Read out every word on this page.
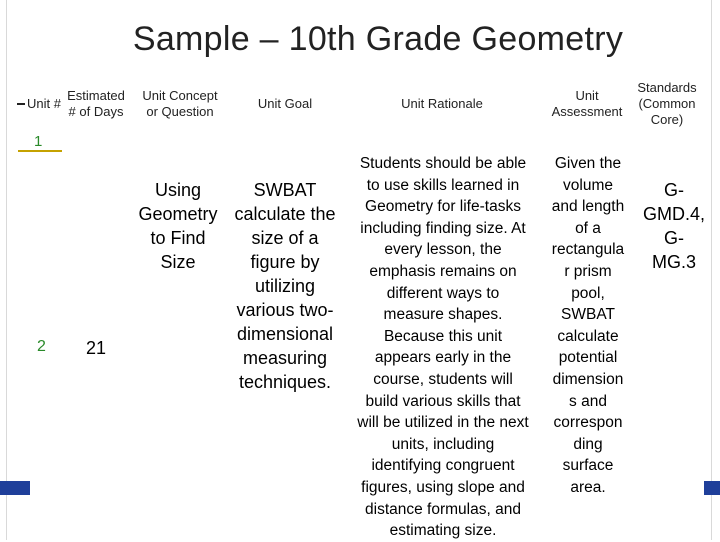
Sample – 10th Grade Geometry
Unit #
Estimated
# of Days
Unit Concept
or Question
Unit Goal	Unit Rationale
Unit
Assessment
Standards
(Common
Core)
1
2 21
Using
Geometry
to Find
Size
SWBAT
calculate the
size of a
figure by
utilizing
various two-
dimensional
measuring
techniques.
Students should be able
to use skills learned in
Geometry for life-tasks
including finding size. At
every lesson, the
emphasis remains on
different ways to
measure shapes.
Because this unit
appears early in the
course, students will
build various skills that
will be utilized in the next
units, including
identifying congruent
figures, using slope and
distance formulas, and
estimating size.
Given the
volume
and length
of a
rectangula
r prism
pool,
SWBAT
calculate
potential
dimension
s and
correspon
ding
surface
area.
G-
GMD.4,
G-
MG.3
